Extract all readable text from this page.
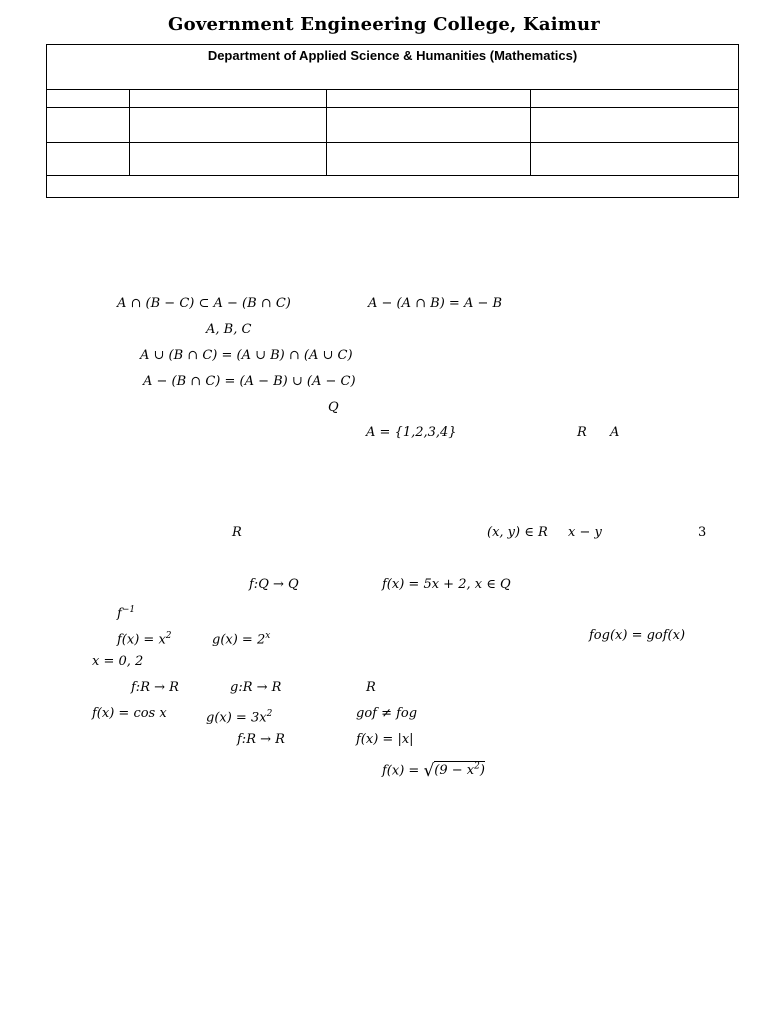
Government Engineering College, Kaimur
Department of Applied Science & Humanities (Mathematics)			

A ∩ (B − C) ⊂ A − (B ∩ C)	A − (A ∩ B) = A − B
A, B, C
A ∪ (B ∩ C) = (A ∪ B) ∩ (A ∪ C)
A − (B ∩ C) = (A − B) ∪ (A − C)
Q
A = {1,2,3,4}	R A
R	(x, y) ∈ R x − y	3
f:Q → Q	f(x) = 5x + 2, x ∈ Q
$f^{-1}$
$f(x) = x^2$	$g(x) = 2^x$	fog(x) = gof(x)
x = 0, 2
f:R → R	g:R → R	R
f(x) = cos x	$g(x) = 3x^2$	gof ≠ fog
f:R → R	f(x) = |x|
$f(x) = √(9 - x^2)$
